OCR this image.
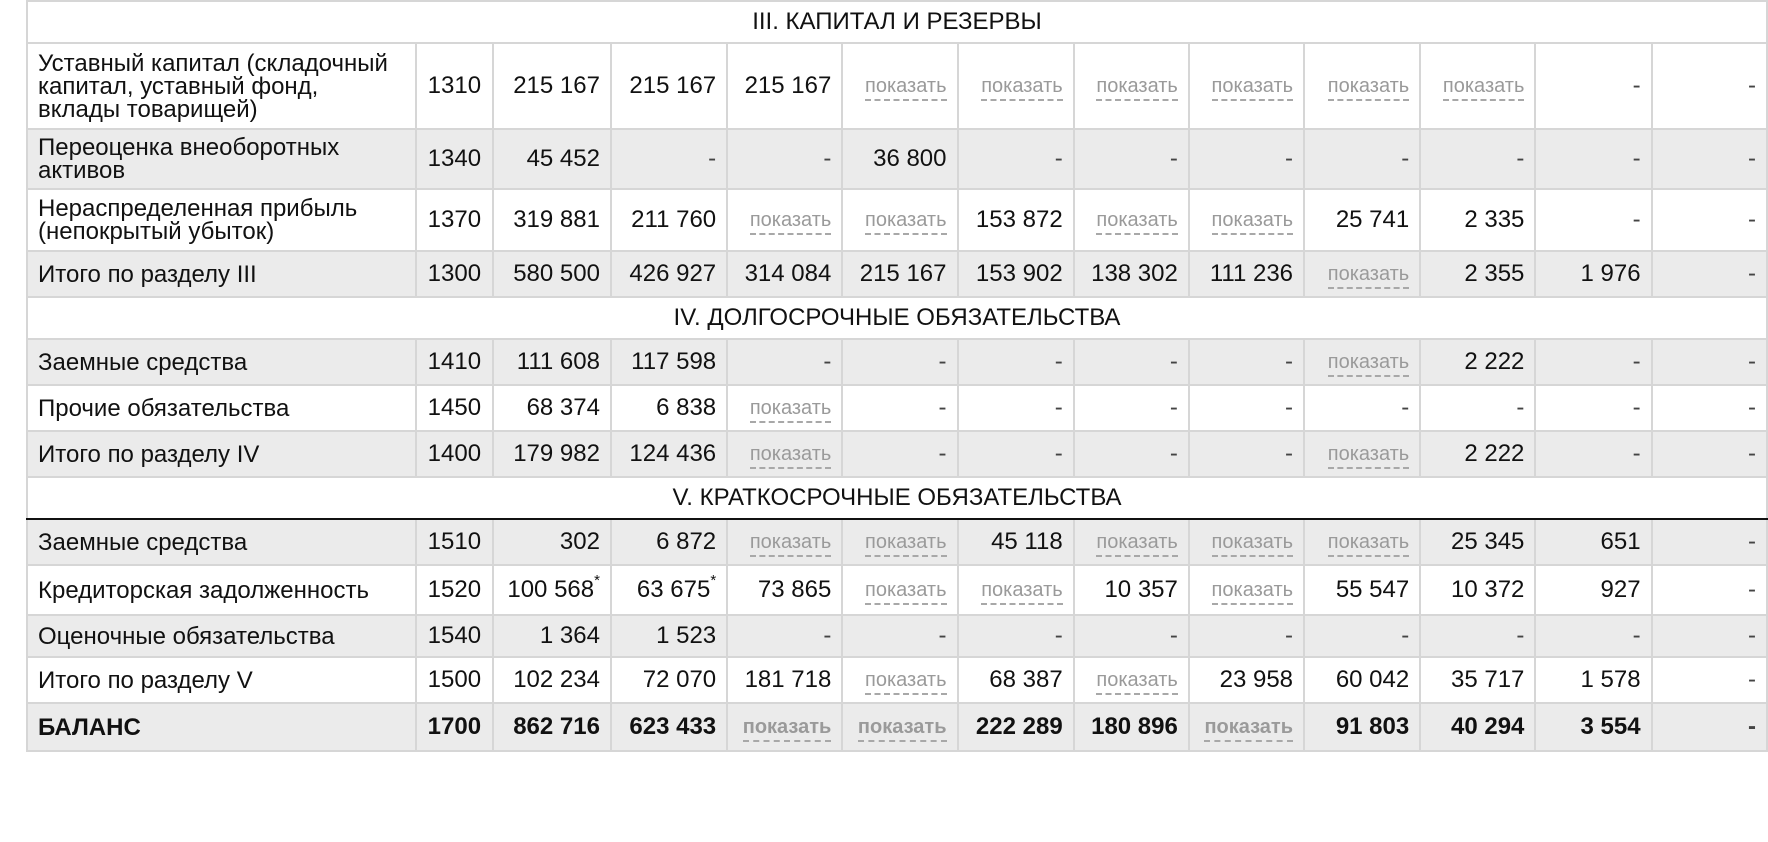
III. КАПИТАЛ И РЕЗЕРВЫ												
Уставный капитал (складочный капитал, уставный фонд, вклады товарищей)	1310	215 167	215 167	215 167	показать	показать	показать	показать	показать	показать	-	-
Переоценка внеоборотных активов	1340	45 452	-	-	36 800	-	-	-	-	-	-	-
Нераспределенная прибыль (непокрытый убыток)	1370	319 881	211 760	показать	показать	153 872	показать	показать	25 741	2 335	-	-
Итого по разделу III	1300	580 500	426 927	314 084	215 167	153 902	138 302	111 236	показать	2 355	1 976	-
IV. ДОЛГОСРОЧНЫЕ ОБЯЗАТЕЛЬСТВА												
Заемные средства	1410	111 608	117 598	-	-	-	-	-	показать	2 222	-	-
Прочие обязательства	1450	68 374	6 838	показать	-	-	-	-	-	-	-	-
Итого по разделу IV	1400	179 982	124 436	показать	-	-	-	-	показать	2 222	-	-
V. КРАТКОСРОЧНЫЕ ОБЯЗАТЕЛЬСТВА												
Заемные средства	1510	302	6 872	показать	показать	45 118	показать	показать	показать	25 345	651	-
Кредиторская задолженность	1520	100 568*	63 675*	73 865	показать	показать	10 357	показать	55 547	10 372	927	-
Оценочные обязательства	1540	1 364	1 523	-	-	-	-	-	-	-	-	-
Итого по разделу V	1500	102 234	72 070	181 718	показать	68 387	показать	23 958	60 042	35 717	1 578	-
БАЛАНС	1700	862 716	623 433	показать	показать	222 289	180 896	показать	91 803	40 294	3 554	-
